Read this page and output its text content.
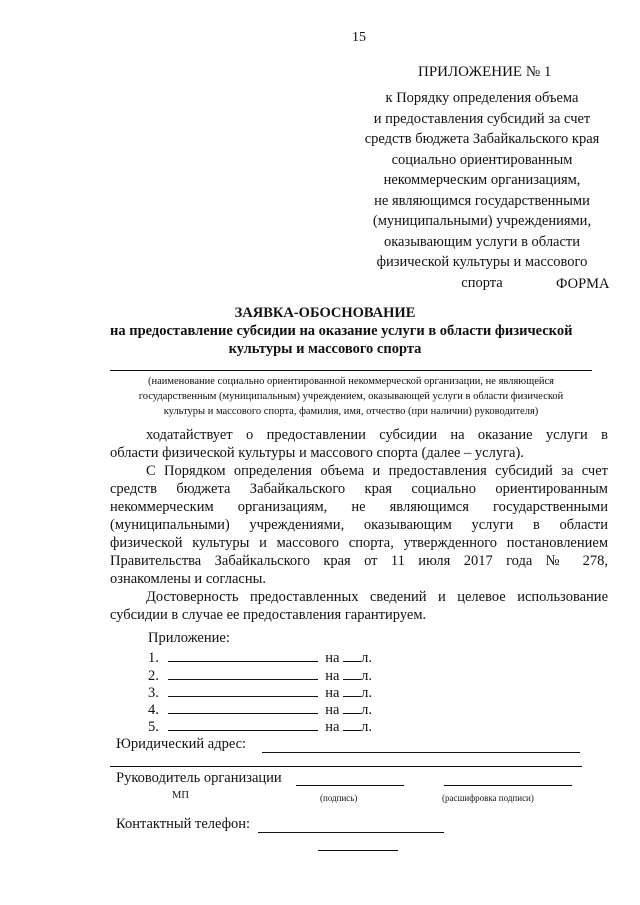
15
ПРИЛОЖЕНИЕ № 1
к Порядку определения объема
и предоставления субсидий за счет
средств бюджета Забайкальского края
социально ориентированным
некоммерческим организациям,
не являющимся государственными
(муниципальными) учреждениями,
оказывающим услуги в области
физической культуры и массового
спорта	ФОРМА
ЗАЯВКА-ОБОСНОВАНИЕ
на предоставление субсидии на оказание услуги в области физической
культуры и массового спорта
(наименование социально ориентированной некоммерческой организации, не являющейся
государственным (муниципальным) учреждением, оказывающей услуги в области физической
культуры и массового спорта, фамилия, имя, отчество (при наличии) руководителя)
ходатайствует о предоставлении субсидии на оказание услуги в
области физической культуры и массового спорта (далее – услуга).
С Порядком определения объема и предоставления субсидий за счет
средств бюджета Забайкальского края социально ориентированным
некоммерческим организациям, не являющимся государственными
(муниципальными) учреждениями, оказывающим услуги в области
физической культуры и массового спорта, утвержденного постановлением
Правительства Забайкальского края от 11 июля 2017 года № 278,
ознакомлены и согласны.
Достоверность предоставленных сведений и целевое использование
субсидии в случае ее предоставления гарантируем.
Приложение:
1.	на л.
2.	на л.
3.	на л.
4.	на л.
5.	на л.
Юридический адрес:
Руководитель организации
МП	(подпись)	(расшифровка подписи)
Контактный телефон:
